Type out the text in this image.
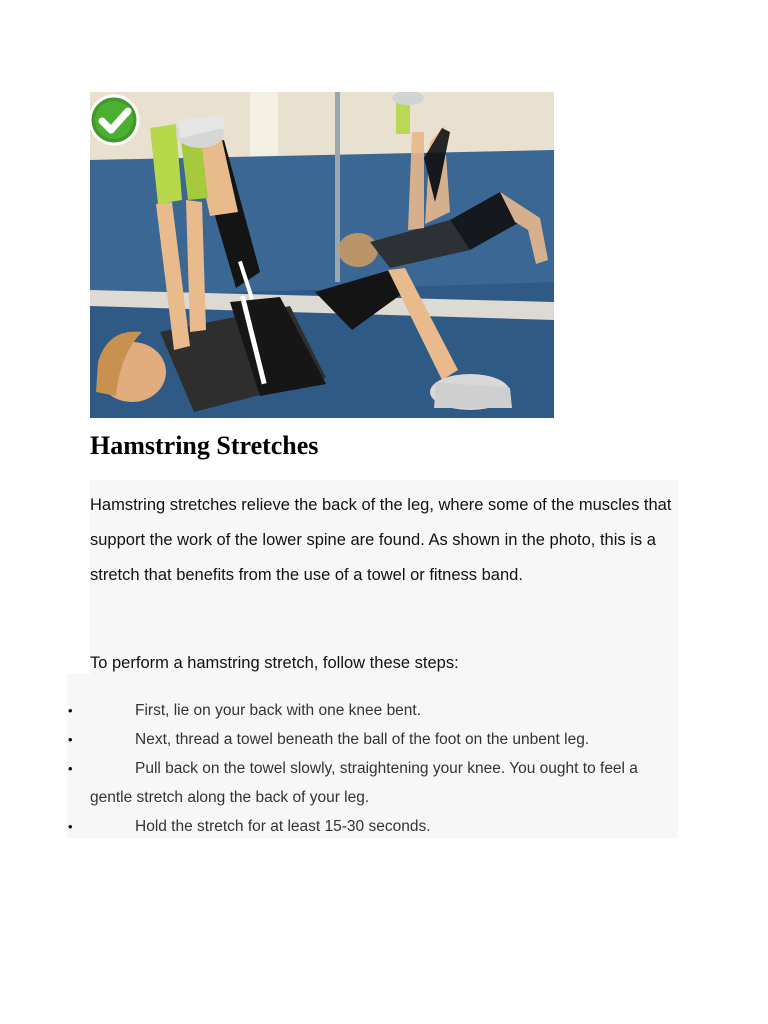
Hamstring Stretches

Hamstring stretches relieve the back of the leg, where some of the muscles that support the work of the lower spine are found. As shown in the photo, this is a stretch that benefits from the use of a towel or fitness band.

To perform a hamstring stretch, follow these steps:

•	First, lie on your back with one knee bent.
•	Next, thread a towel beneath the ball of the foot on the unbent leg.
•	Pull back on the towel slowly, straightening your knee. You ought to feel a gentle stretch along the back of your leg.
•	Hold the stretch for at least 15-30 seconds.
